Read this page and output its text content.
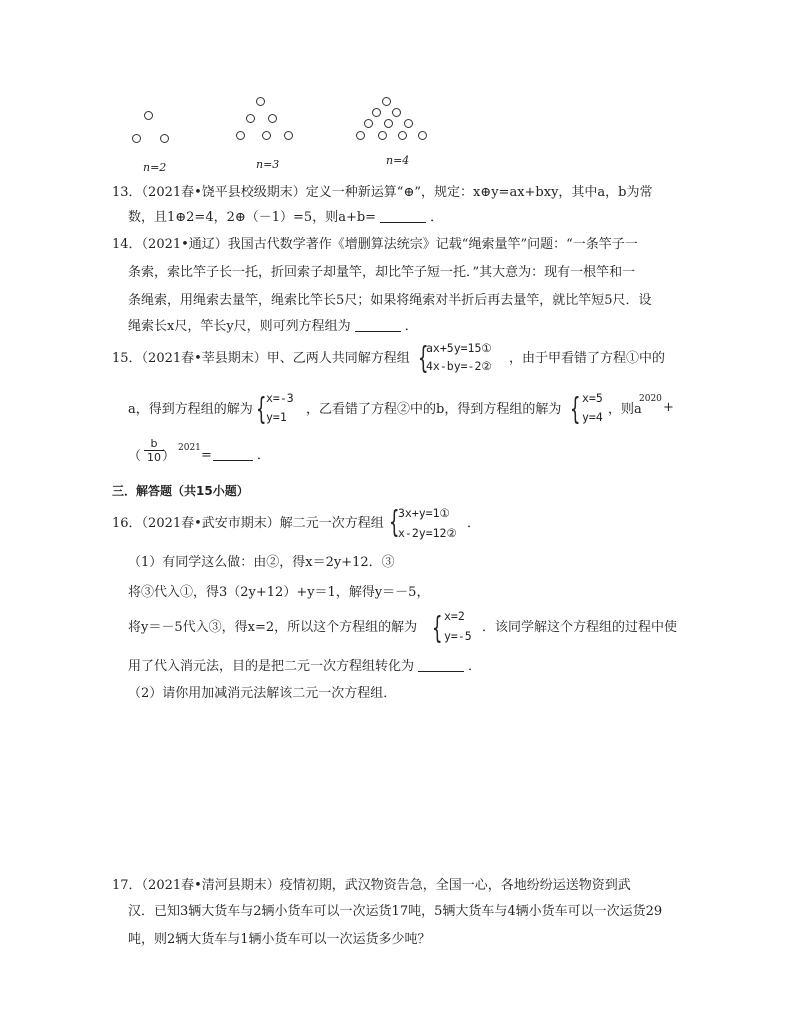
n=2	n=3	n=4
13．（2021春•饶平县校级期末）定义一种新运算“⊕”，规定：x⊕y=ax+bxy，其中a，b为常
数，且1⊕2=4，2⊕（－1）=5，则a+b=	．
14．（2021•通辽）我国古代数学著作《增删算法统宗》记载“绳索量竿”问题：“一条竿子一
条索，索比竿子长一托，折回索子却量竿，却比竿子短一托．”其大意为：现有一根竿和一
条绳索，用绳索去量竿，绳索比竿长5尺；如果将绳索对半折后再去量竿，就比竿短5尺．设
绳索长x尺，竿长y尺，则可列方程组为	．
15．（2021春•莘县期末）甲、乙两人共同解方程组 {
ax+5y=15①
4x-by=-2② ，由于甲看错了方程①中的
a，得到方程组的解为 { x=-3
y=1 ，乙看错了方程②中的b，得到方程组的解为 { x=5
y=4 ，则a
2020
+
（ $\frac{b}{10}$
）
2021 =	．
三．解答题（共15小题）
16．（2021春•武安市期末）解二元一次方程组 {
3x+y=1①
x-2y=12②
．
（1）有同学这么做：由②，得x＝2y+12．③
将③代入①，得3（2y+12）+y＝1，解得y＝－5，
将y＝－5代入③，得x=2，所以这个方程组的解为 { x=2
y=-5
．该同学解这个方程组的过程中使
用了代入消元法，目的是把二元一次方程组转化为	．
（2）请你用加减消元法解该二元一次方程组．
17．（2021春•清河县期末）疫情初期，武汉物资告急，全国一心，各地纷纷运送物资到武
汉．已知3辆大货车与2辆小货车可以一次运货17吨，5辆大货车与4辆小货车可以一次运货29
吨，则2辆大货车与1辆小货车可以一次运货多少吨？
